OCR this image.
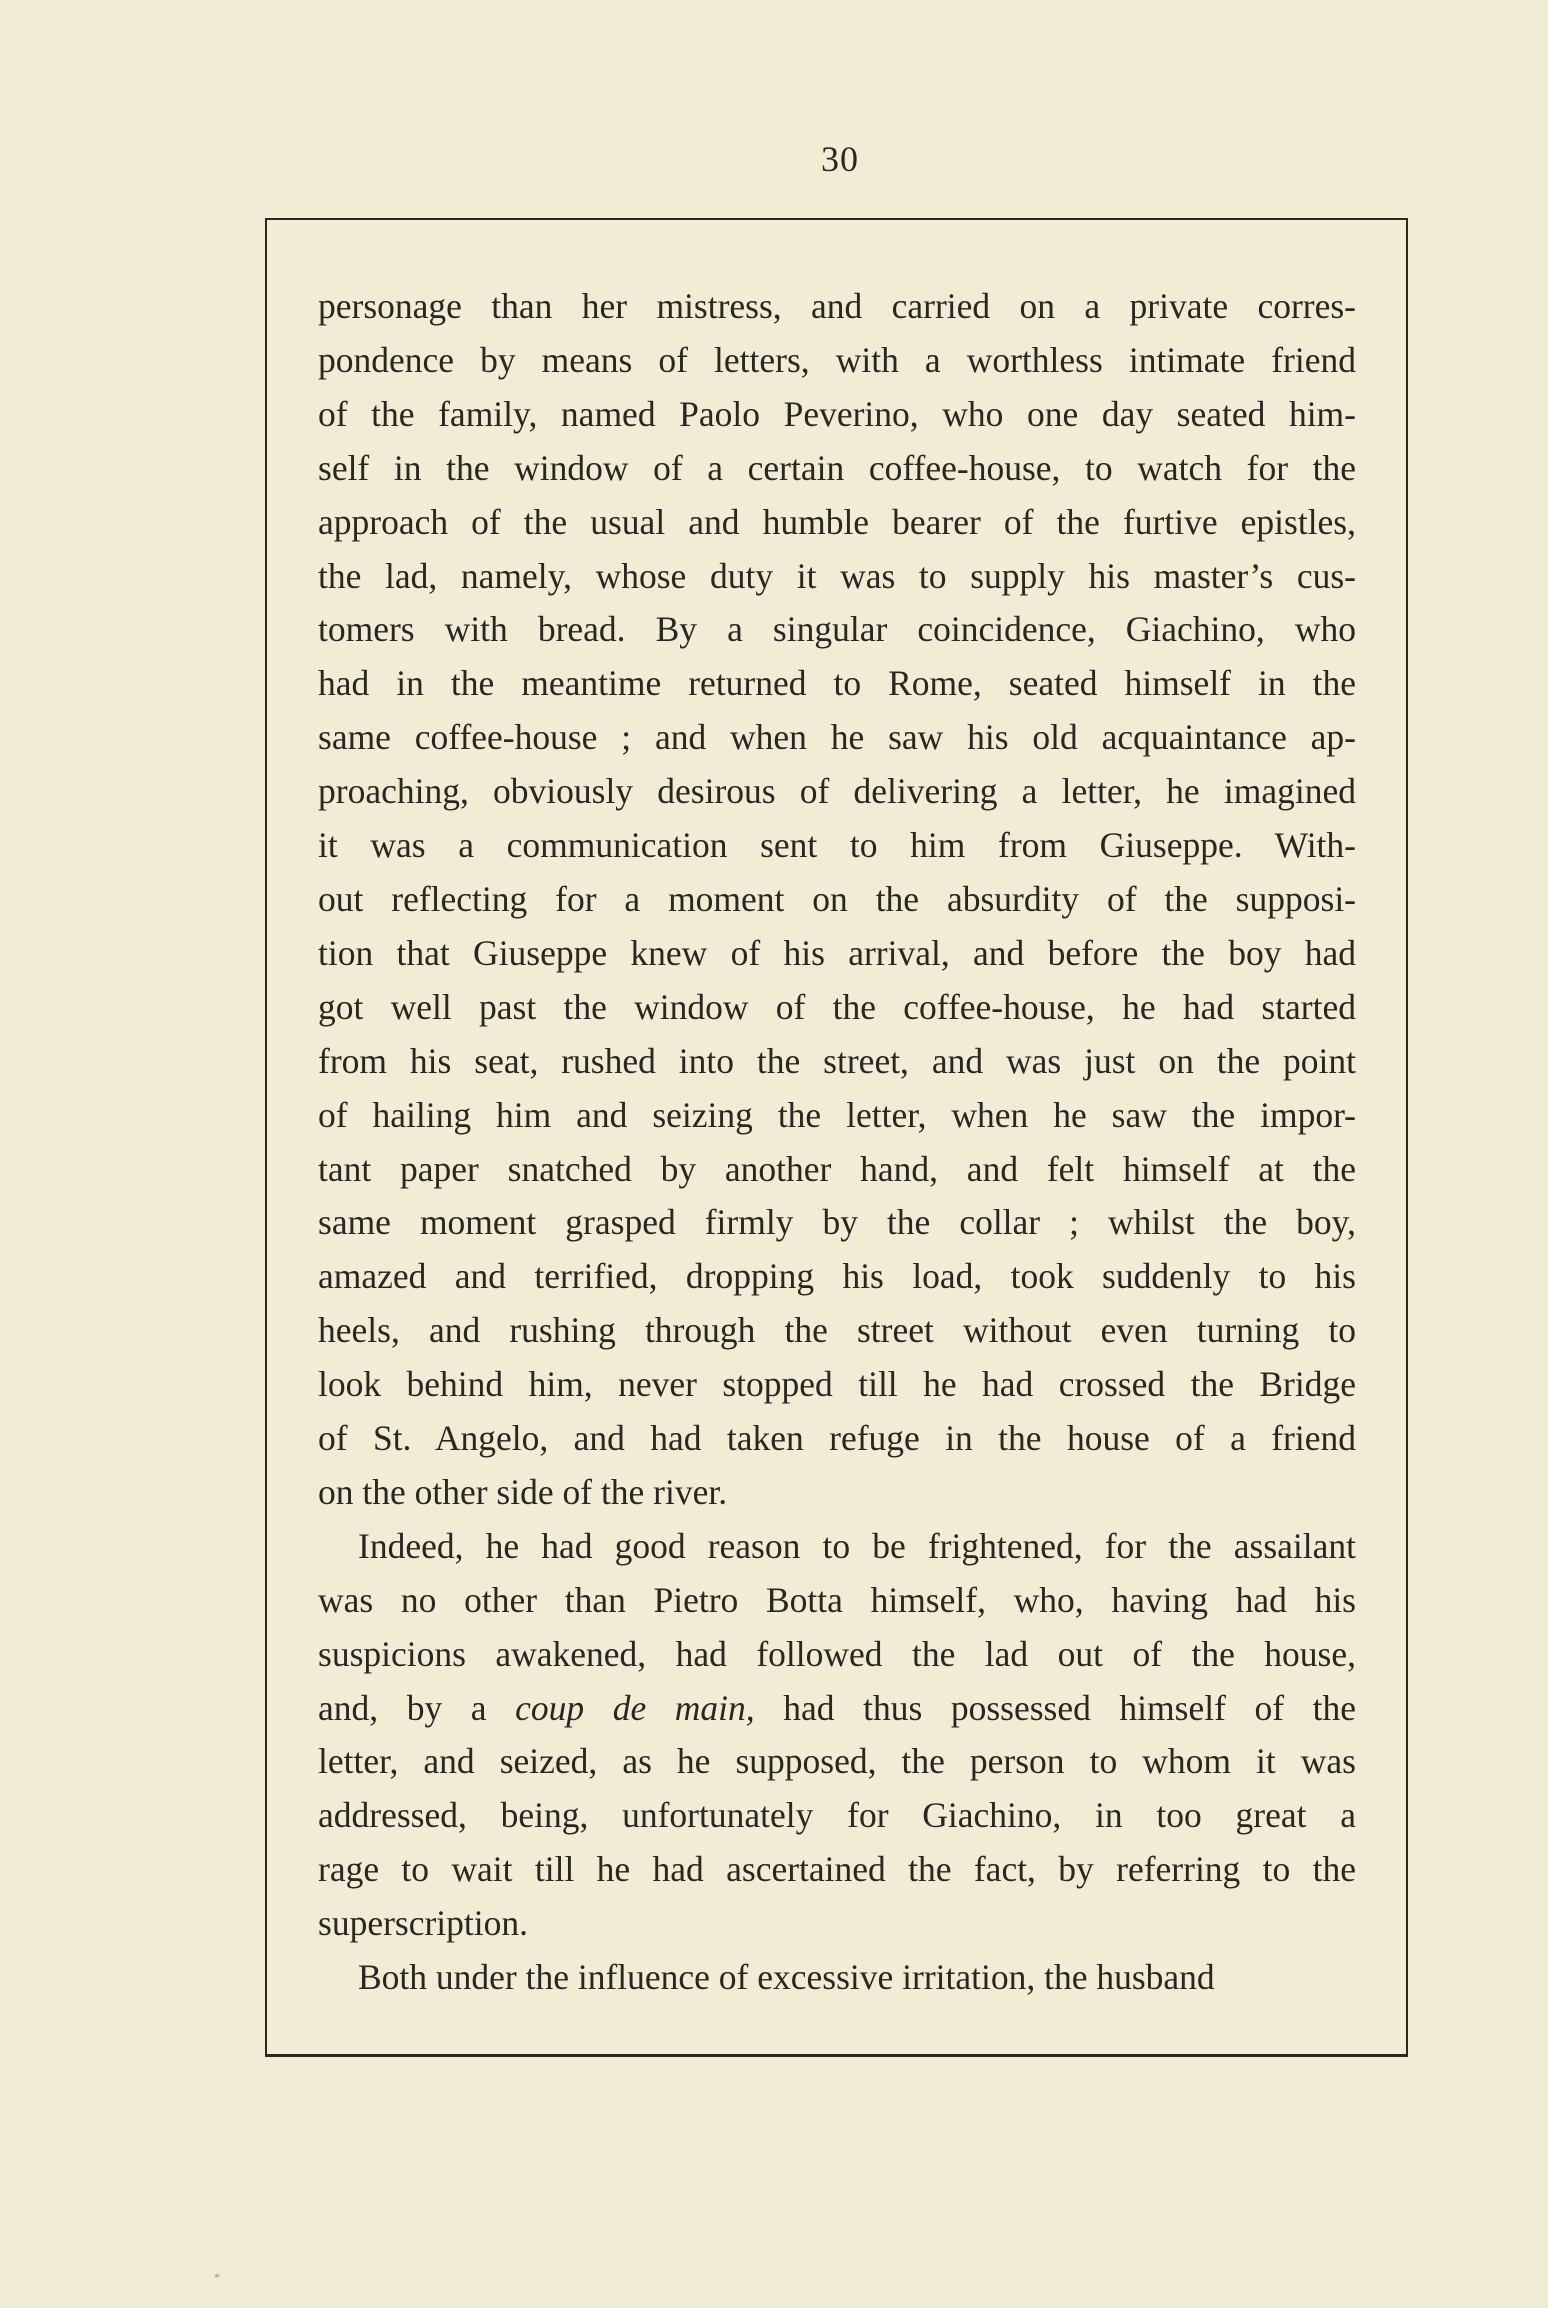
30
personage than her mistress, and carried on a private corres-
pondence by means of letters, with a worthless intimate friend
of the family, named Paolo Peverino, who one day seated him-
self in the window of a certain coffee-house, to watch for the
approach of the usual and humble bearer of the furtive epistles,
the lad, namely, whose duty it was to supply his master’s cus-
tomers with bread. By a singular coincidence, Giachino, who
had in the meantime returned to Rome, seated himself in the
same coffee-house ; and when he saw his old acquaintance ap-
proaching, obviously desirous of delivering a letter, he imagined
it was a communication sent to him from Giuseppe. With-
out reflecting for a moment on the absurdity of the supposi-
tion that Giuseppe knew of his arrival, and before the boy had
got well past the window of the coffee-house, he had started
from his seat, rushed into the street, and was just on the point
of hailing him and seizing the letter, when he saw the impor-
tant paper snatched by another hand, and felt himself at the
same moment grasped firmly by the collar ; whilst the boy,
amazed and terrified, dropping his load, took suddenly to his
heels, and rushing through the street without even turning to
look behind him, never stopped till he had crossed the Bridge
of St. Angelo, and had taken refuge in the house of a friend
on the other side of the river.
Indeed, he had good reason to be frightened, for the assailant
was no other than Pietro Botta himself, who, having had his
suspicions awakened, had followed the lad out of the house,
and, by a coup de main, had thus possessed himself of the
letter, and seized, as he supposed, the person to whom it was
addressed, being, unfortunately for Giachino, in too great a
rage to wait till he had ascertained the fact, by referring to the
superscription.
Both under the influence of excessive irritation, the husband
*
